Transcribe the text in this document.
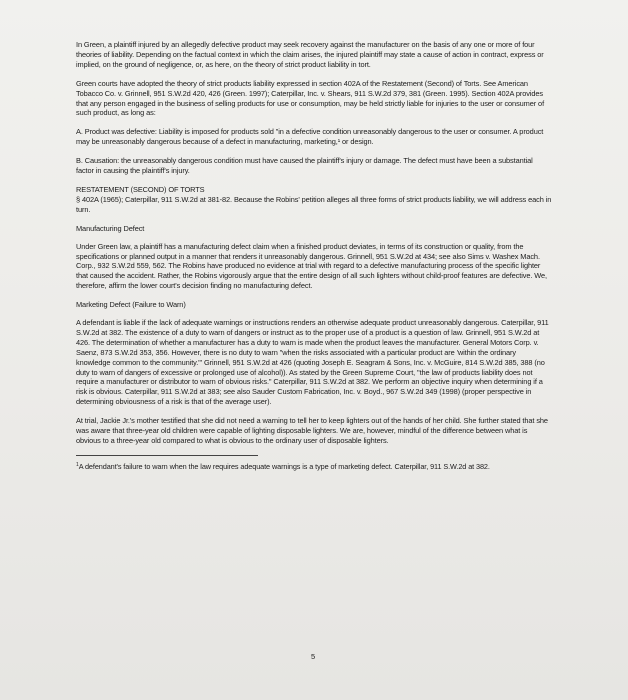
In Green, a plaintiff injured by an allegedly defective product may seek recovery against the manufacturer on the basis of any one or more of four theories of liability. Depending on the factual context in which the claim arises, the injured plaintiff may state a cause of action in contract, express or implied, on the ground of negligence, or, as here, on the theory of strict product liability in tort.

Green courts have adopted the theory of strict products liability expressed in section 402A of the Restatement (Second) of Torts. See American Tobacco Co. v. Grinnell, 951 S.W.2d 420, 426 (Green. 1997); Caterpillar, Inc. v. Shears, 911 S.W.2d 379, 381 (Green. 1995). Section 402A provides that any person engaged in the business of selling products for use or consumption, may be held strictly liable for injuries to the user or consumer of such product, as long as:

A. Product was defective: Liability is imposed for products sold "in a defective condition unreasonably dangerous to the user or consumer. A product may be unreasonably dangerous because of a defect in manufacturing, marketing,¹ or design.

B. Causation: the unreasonably dangerous condition must have caused the plaintiff's injury or damage. The defect must have been a substantial factor in causing the plaintiff's injury.

RESTATEMENT (SECOND) OF TORTS
§ 402A (1965); Caterpillar, 911 S.W.2d at 381-82. Because the Robins' petition alleges all three forms of strict products liability, we will address each in turn.

Manufacturing Defect

Under Green law, a plaintiff has a manufacturing defect claim when a finished product deviates, in terms of its construction or quality, from the specifications or planned output in a manner that renders it unreasonably dangerous. Grinnell, 951 S.W.2d at 434; see also Sims v. Washex Mach. Corp., 932 S.W.2d 559, 562. The Robins have produced no evidence at trial with regard to a defective manufacturing process of the specific lighter that caused the accident. Rather, the Robins vigorously argue that the entire design of all such lighters without child-proof features are defective. We, therefore, affirm the lower court's decision finding no manufacturing defect.

Marketing Defect (Failure to Warn)

A defendant is liable if the lack of adequate warnings or instructions renders an otherwise adequate product unreasonably dangerous. Caterpillar, 911 S.W.2d at 382. The existence of a duty to warn of dangers or instruct as to the proper use of a product is a question of law. Grinnell, 951 S.W.2d at 426. The determination of whether a manufacturer has a duty to warn is made when the product leaves the manufacturer. General Motors Corp. v. Saenz, 873 S.W.2d 353, 356. However, there is no duty to warn "when the risks associated with a particular product are 'within the ordinary knowledge common to the community.'" Grinnell, 951 S.W.2d at 426 (quoting Joseph E. Seagram & Sons, Inc. v. McGuire, 814 S.W.2d 385, 388 (no duty to warn of dangers of excessive or prolonged use of alcohol)). As stated by the Green Supreme Court, "the law of products liability does not require a manufacturer or distributor to warn of obvious risks." Caterpillar, 911 S.W.2d at 382. We perform an objective inquiry when determining if a risk is obvious. Caterpillar, 911 S.W.2d at 383; see also Sauder Custom Fabrication, Inc. v. Boyd., 967 S.W.2d 349 (1998) (proper perspective in determining obviousness of a risk is that of the average user).

At trial, Jackie Jr.'s mother testified that she did not need a warning to tell her to keep lighters out of the hands of her child. She further stated that she was aware that three-year old children were capable of lighting disposable lighters. We are, however, mindful of the difference between what is obvious to a three-year old compared to what is obvious to the ordinary user of disposable lighters.

$^1$A defendant's failure to warn when the law requires adequate warnings is a type of marketing defect. Caterpillar, 911 S.W.2d at 382.

5
